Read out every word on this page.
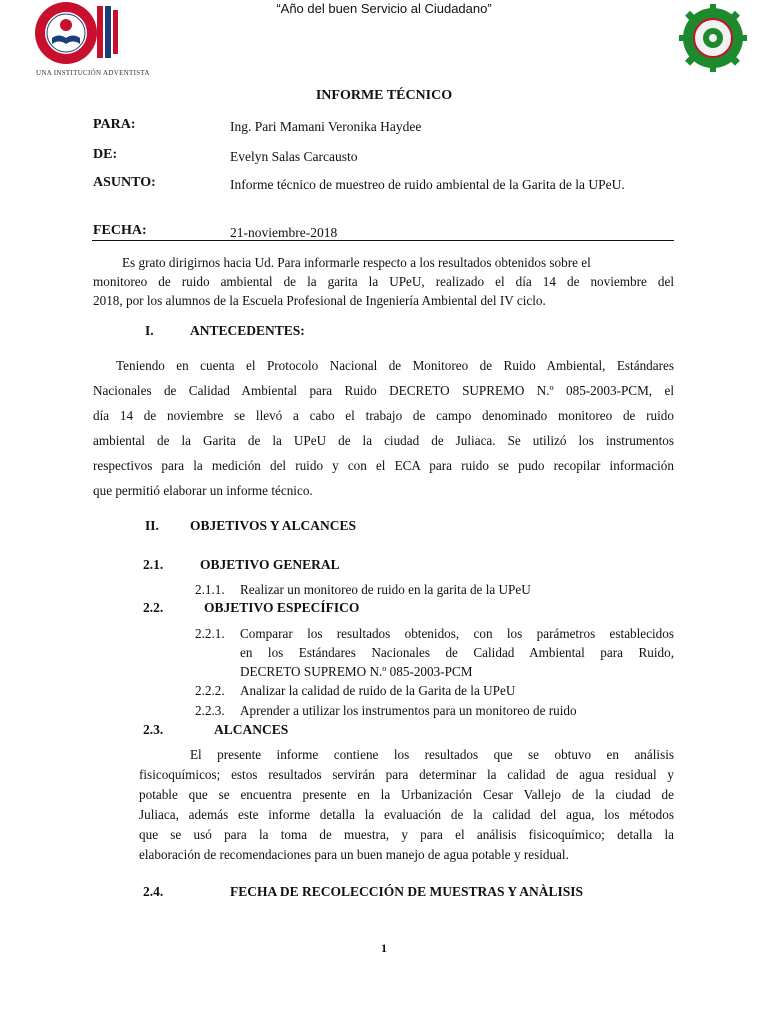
“Año del buen Servicio al Ciudadano”
UNA INSTITUCIÓN ADVENTISTA
INFORME TÉCNICO
PARA:	Ing. Pari Mamani Veronika Haydee
DE:	Evelyn Salas Carcausto
ASUNTO:	Informe técnico de muestreo de ruido ambiental de la Garita de la UPeU.
FECHA:	21-noviembre-2018
Es grato dirigirnos hacia Ud. Para informarle respecto a los resultados obtenidos sobre el
monitoreo de ruido ambiental de la garita la UPeU, realizado el día 14 de noviembre del
2018, por los alumnos de la Escuela Profesional de Ingeniería Ambiental del IV ciclo.
I.	ANTECEDENTES:
Teniendo en cuenta el Protocolo Nacional de Monitoreo de Ruido Ambiental, Estándares
Nacionales de Calidad Ambiental para Ruido DECRETO SUPREMO N.º 085-2003-PCM, el
día 14 de noviembre se llevó a cabo el trabajo de campo denominado monitoreo de ruido
ambiental de la Garita de la UPeU de la ciudad de Juliaca. Se utilizó los instrumentos
respectivos para la medición del ruido y con el ECA para ruido se pudo recopilar información
que permitió elaborar un informe técnico.
II. OBJETIVOS Y ALCANCES
2.1.	OBJETIVO GENERAL
2.1.1. Realizar un monitoreo de ruido en la garita de la UPeU
2.2.	OBJETIVO ESPECÍFICO
2.2.1. Comparar los resultados obtenidos, con los parámetros establecidos
en los Estándares Nacionales de Calidad Ambiental para Ruido,
DECRETO SUPREMO N.º 085-2003-PCM
2.2.2. Analizar la calidad de ruido de la Garita de la UPeU
2.2.3. Aprender a utilizar los instrumentos para un monitoreo de ruido
2.3.	ALCANCES
El presente informe contiene los resultados que se obtuvo en análisis
fisicoquímicos; estos resultados servirán para determinar la calidad de agua residual y
potable que se encuentra presente en la Urbanización Cesar Vallejo de la ciudad de
Juliaca, además este informe detalla la evaluación de la calidad del agua, los métodos
que se usó para la toma de muestra, y para el análisis fisicoquímico; detalla la
elaboración de recomendaciones para un buen manejo de agua potable y residual.
2.4.	FECHA DE RECOLECCIÓN DE MUESTRAS Y ANÀLISIS
1
